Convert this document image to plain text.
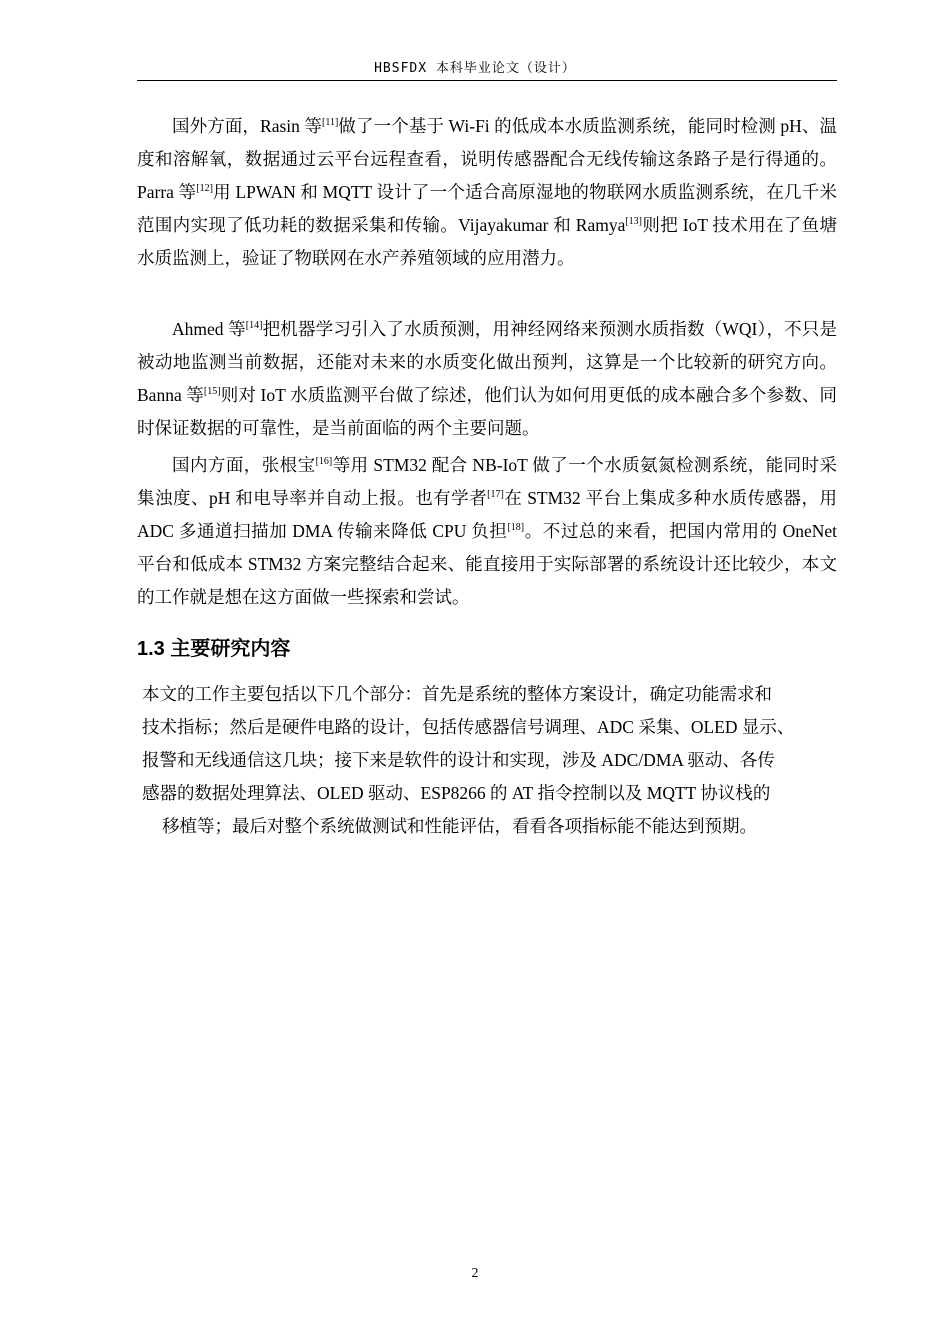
HBSFDX 本科毕业论文（设计）

国外方面，Rasin 等[11]做了一个基于 Wi-Fi 的低成本水质监测系统，能同时检测 pH、温度和溶解氧，数据通过云平台远程查看，说明传感器配合无线传输这条路子是行得通的。Parra 等[12]用 LPWAN 和 MQTT 设计了一个适合高原湿地的物联网水质监测系统，在几千米范围内实现了低功耗的数据采集和传输。Vijayakumar 和 Ramya[13]则把 IoT 技术用在了鱼塘水质监测上，验证了物联网在水产养殖领域的应用潜力。

Ahmed 等[14]把机器学习引入了水质预测，用神经网络来预测水质指数（WQI），不只是被动地监测当前数据，还能对未来的水质变化做出预判，这算是一个比较新的研究方向。Banna 等[15]则对 IoT 水质监测平台做了综述，他们认为如何用更低的成本融合多个参数、同时保证数据的可靠性，是当前面临的两个主要问题。

国内方面，张根宝[16]等用 STM32 配合 NB-IoT 做了一个水质氨氮检测系统，能同时采集浊度、pH 和电导率并自动上报。也有学者[17]在 STM32 平台上集成多种水质传感器，用 ADC 多通道扫描加 DMA 传输来降低 CPU 负担[18]。不过总的来看，把国内常用的 OneNet 平台和低成本 STM32 方案完整结合起来、能直接用于实际部署的系统设计还比较少，本文的工作就是想在这方面做一些探索和尝试。

1.3 主要研究内容
本文的工作主要包括以下几个部分：首先是系统的整体方案设计，确定功能需求和
技术指标；然后是硬件电路的设计，包括传感器信号调理、ADC 采集、OLED 显示、
报警和无线通信这几块；接下来是软件的设计和实现，涉及 ADC/DMA 驱动、各传
感器的数据处理算法、OLED 驱动、ESP8266 的 AT 指令控制以及 MQTT 协议栈的
移植等；最后对整个系统做测试和性能评估，看看各项指标能不能达到预期。
2
